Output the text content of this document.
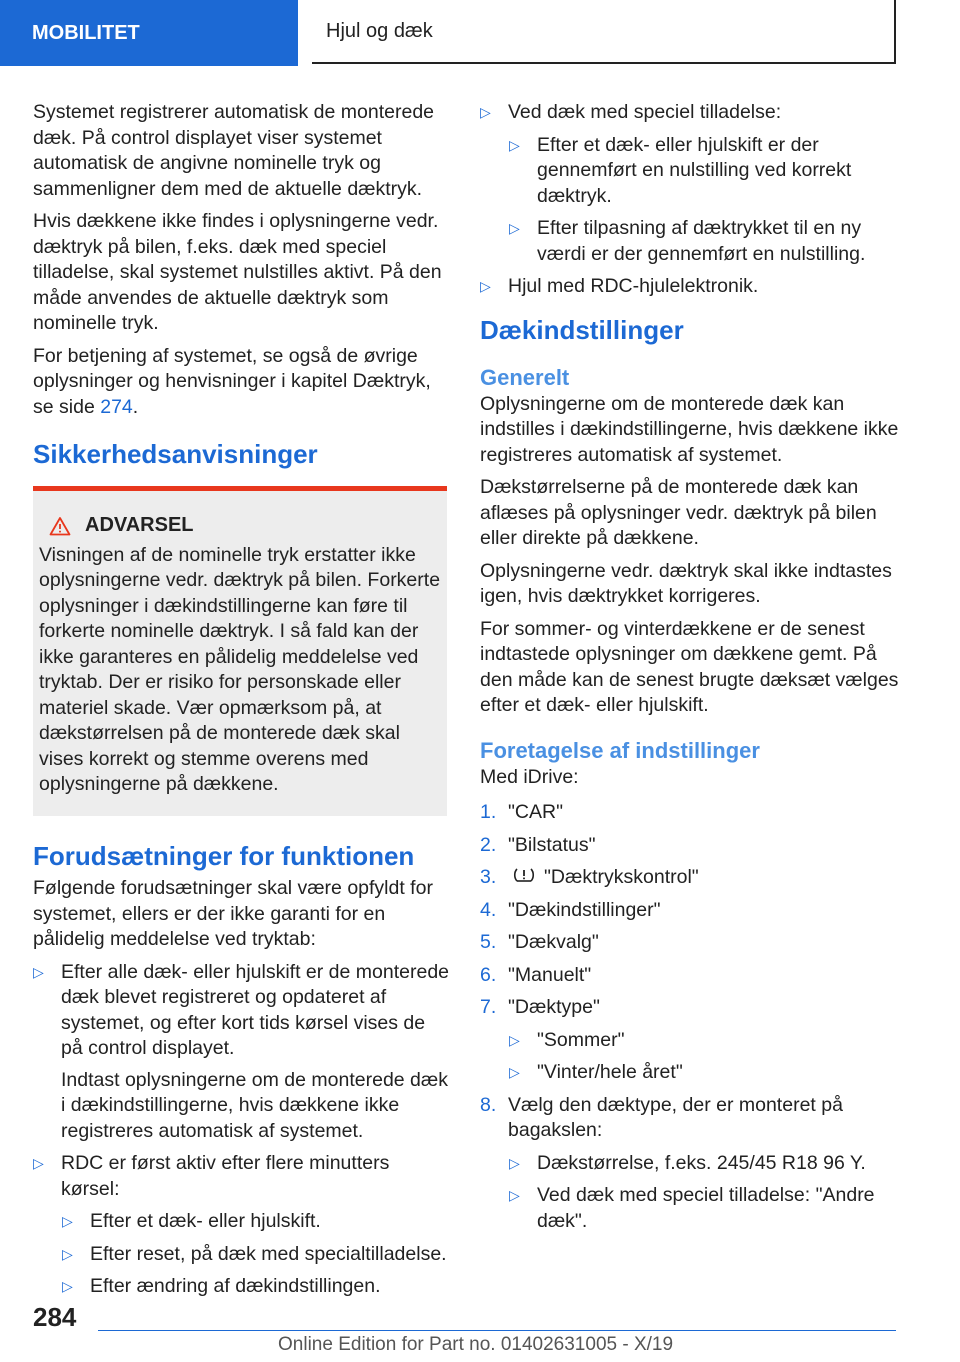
MOBILITET	Hjul og dæk

Systemet registrerer automatisk de monterede dæk. På control displayet viser systemet automatisk de angivne nominelle tryk og sammenligner dem med de aktuelle dæktryk.

Hvis dækkene ikke findes i oplysningerne vedr. dæktryk på bilen, f.eks. dæk med speciel tilladelse, skal systemet nulstilles aktivt. På den måde anvendes de aktuelle dæktryk som nominelle tryk.

For betjening af systemet, se også de øvrige oplysninger og henvisninger i kapitel Dæktryk, se side 274.

Sikkerhedsanvisninger
ADVARSEL
Visningen af de nominelle tryk erstatter ikke oplysningerne vedr. dæktryk på bilen. Forkerte oplysninger i dækindstillingerne kan føre til forkerte nominelle dæktryk. I så fald kan der ikke garanteres en pålidelig meddelelse ved tryktab. Der er risiko for personskade eller materiel skade. Vær opmærksom på, at dækstørrelsen på de monterede dæk skal vises korrekt og stemme overens med oplysningerne på dækkene.
Forudsætninger for funktionen

Følgende forudsætninger skal være opfyldt for systemet, ellers er der ikke garanti for en pålidelig meddelelse ved tryktab:

▷ Efter alle dæk- eller hjulskift er de monterede dæk blevet registreret og opdateret af systemet, og efter kort tids kørsel vises de på control displayet.
Indtast oplysningerne om de monterede dæk i dækindstillingerne, hvis dækkene ikke registreres automatisk af systemet.
▷ RDC er først aktiv efter flere minutters kørsel:
▷ Efter et dæk- eller hjulskift.
▷ Efter reset, på dæk med specialtilladelse.
▷ Efter ændring af dækindstillingen.
▷ Ved dæk med speciel tilladelse:
▷ Efter et dæk- eller hjulskift er der gennemført en nulstilling ved korrekt dæktryk.
▷ Efter tilpasning af dæktrykket til en ny værdi er der gennemført en nulstilling.
▷ Hjul med RDC-hjulelektronik.
Dækindstillinger
Generelt

Oplysningerne om de monterede dæk kan indstilles i dækindstillingerne, hvis dækkene ikke registreres automatisk af systemet.

Dækstørrelserne på de monterede dæk kan aflæses på oplysninger vedr. dæktryk på bilen eller direkte på dækkene.

Oplysningerne vedr. dæktryk skal ikke indtastes igen, hvis dæktrykket korrigeres.

For sommer- og vinterdækkene er de senest indtastede oplysninger om dækkene gemt. På den måde kan de senest brugte dæksæt vælges efter et dæk- eller hjulskift.

Foretagelse af indstillinger

Med iDrive:

1. "CAR"
2. "Bilstatus"
3.	"Dæktrykskontrol"
4. "Dækindstillinger"
5. "Dækvalg"
6. "Manuelt"
7. "Dæktype"
▷ "Sommer"
▷ "Vinter/hele året"
8. Vælg den dæktype, der er monteret på bagakslen:
▷ Dækstørrelse, f.eks. 245/45 R18 96 Y.
▷ Ved dæk med speciel tilladelse: "Andre dæk".
284
Online Edition for Part no. 01402631005 - X/19
